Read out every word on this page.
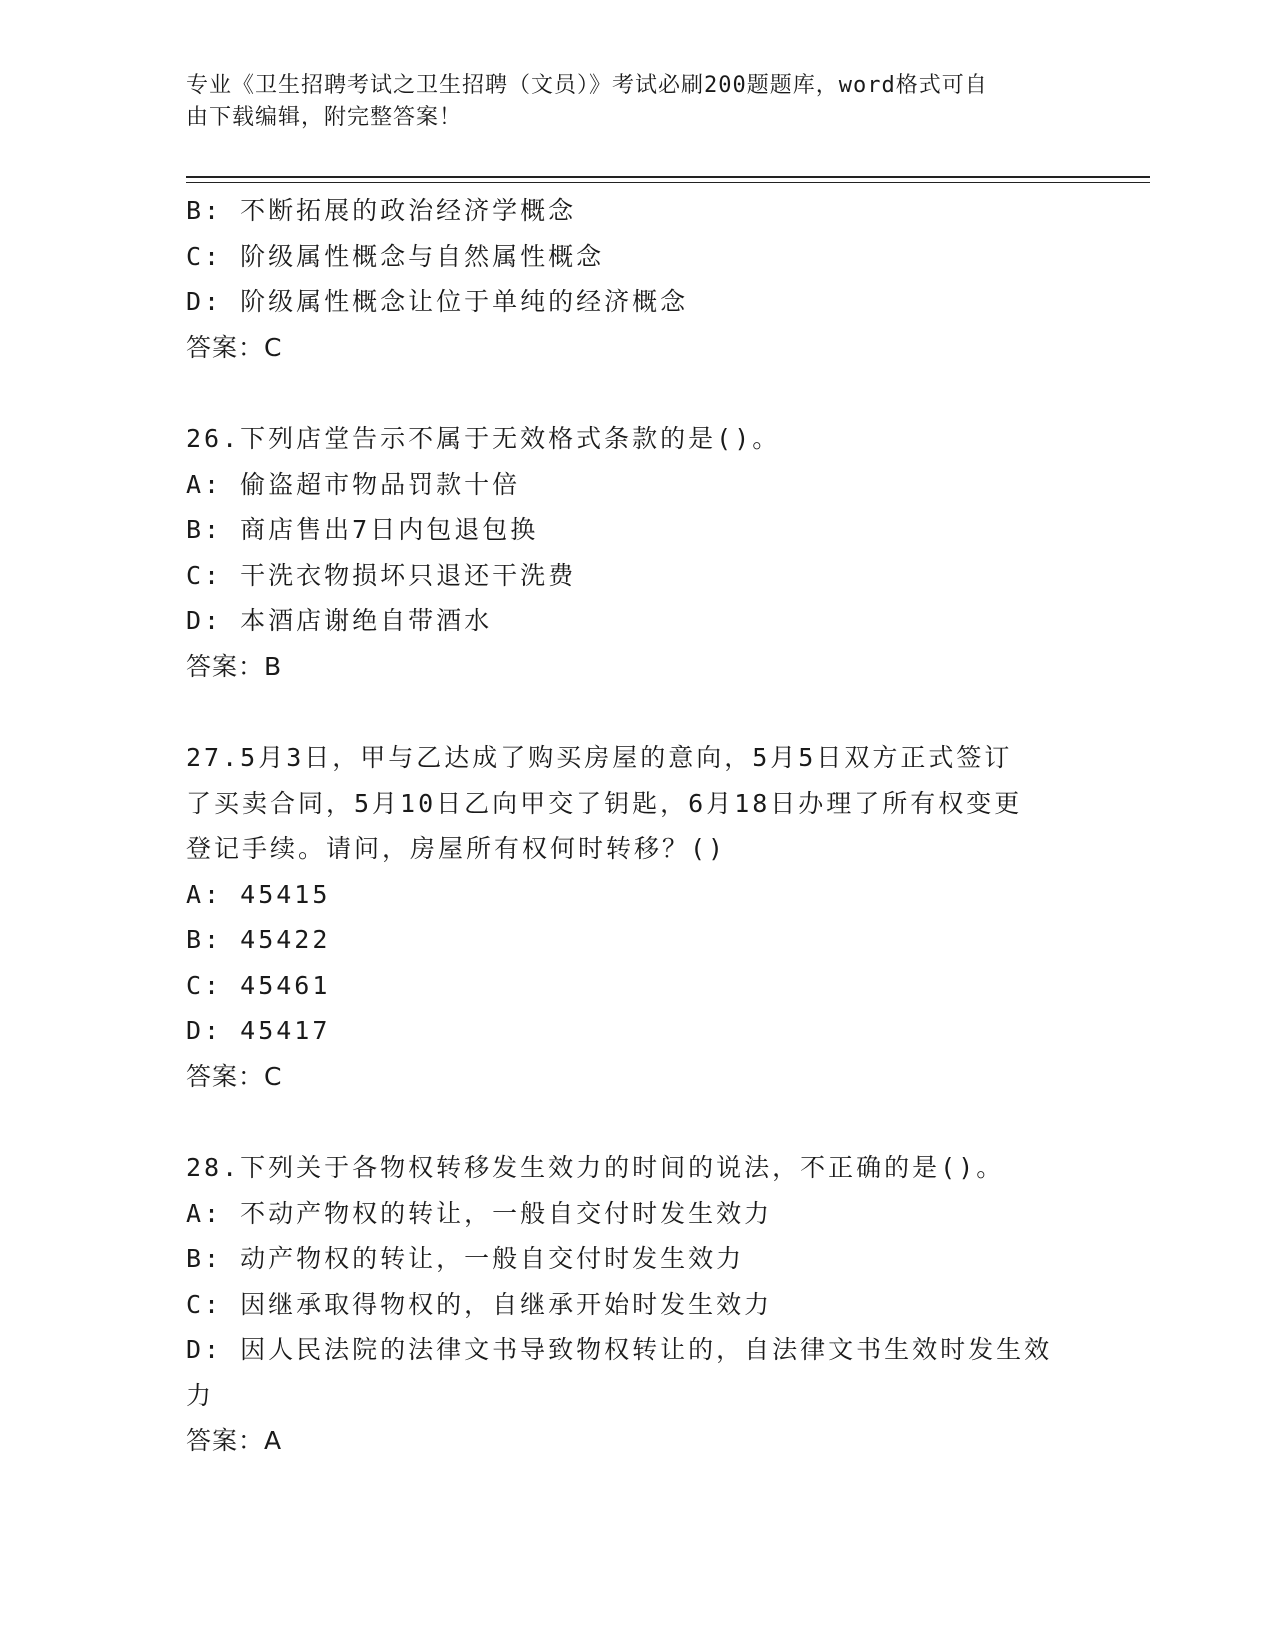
专业《卫生招聘考试之卫生招聘（文员）》考试必刷200题题库，word格式可自
由下载编辑，附完整答案！
B: 不断拓展的政治经济学概念
C: 阶级属性概念与自然属性概念
D: 阶级属性概念让位于单纯的经济概念
答案：C
26.下列店堂告示不属于无效格式条款的是()。
A: 偷盗超市物品罚款十倍
B: 商店售出7日内包退包换
C: 干洗衣物损坏只退还干洗费
D: 本酒店谢绝自带酒水
答案：B
27.5月3日，甲与乙达成了购买房屋的意向，5月5日双方正式签订
了买卖合同，5月10日乙向甲交了钥匙，6月18日办理了所有权变更
登记手续。请问，房屋所有权何时转移？()
A: 45415
B: 45422
C: 45461
D: 45417
答案：C
28.下列关于各物权转移发生效力的时间的说法，不正确的是()。
A: 不动产物权的转让，一般自交付时发生效力
B: 动产物权的转让，一般自交付时发生效力
C: 因继承取得物权的，自继承开始时发生效力
D: 因人民法院的法律文书导致物权转让的，自法律文书生效时发生效
力
答案：A
